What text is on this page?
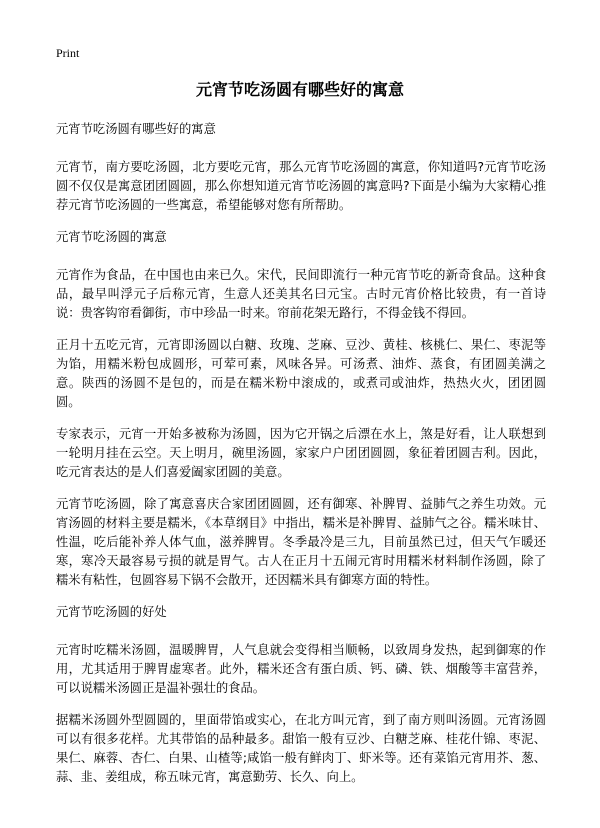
Print
元宵节吃汤圆有哪些好的寓意

元宵节吃汤圆有哪些好的寓意

元宵节，南方要吃汤圆，北方要吃元宵，那么元宵节吃汤圆的寓意，你知道吗?元宵节吃汤圆不仅仅是寓意团团圆圆，那么你想知道元宵节吃汤圆的寓意吗?下面是小编为大家精心推荐元宵节吃汤圆的一些寓意，希望能够对您有所帮助。

元宵节吃汤圆的寓意

元宵作为食品，在中国也由来已久。宋代，民间即流行一种元宵节吃的新奇食品。这种食品，最早叫浮元子后称元宵，生意人还美其名曰元宝。古时元宵价格比较贵，有一首诗说：贵客钩帘看御街，市中珍品一时来。帘前花架无路行，不得金钱不得回。

正月十五吃元宵，元宵即汤圆以白糖、玫瑰、芝麻、豆沙、黄桂、核桃仁、果仁、枣泥等为馅，用糯米粉包成圆形，可荤可素，风味各异。可汤煮、油炸、蒸食，有团圆美满之意。陕西的汤圆不是包的，而是在糯米粉中滚成的，或煮司或油炸，热热火火，团团圆圆。

专家表示，元宵一开始多被称为汤圆，因为它开锅之后漂在水上，煞是好看，让人联想到一轮明月挂在云空。天上明月，碗里汤圆，家家户户团团圆圆，象征着团圆吉利。因此，吃元宵表达的是人们喜爱阖家团圆的美意。

元宵节吃汤圆，除了寓意喜庆合家团团圆圆，还有御寒、补脾胃、益肺气之养生功效。元宵汤圆的材料主要是糯米，《本草纲目》中指出，糯米是补脾胃、益肺气之谷。糯米味甘、性温，吃后能补养人体气血，滋养脾胃。冬季最冷是三九，目前虽然已过，但天气乍暖还寒，寒冷天最容易亏损的就是胃气。古人在正月十五闹元宵时用糯米材料制作汤圆，除了糯米有粘性，包圆容易下锅不会散开，还因糯米具有御寒方面的特性。

元宵节吃汤圆的好处

元宵时吃糯米汤圆，温暖脾胃，人气息就会变得相当顺畅，以致周身发热，起到御寒的作用，尤其适用于脾胃虚寒者。此外，糯米还含有蛋白质、钙、磷、铁、烟酸等丰富营养，可以说糯米汤圆正是温补强壮的食品。

据糯米汤圆外型圆圆的，里面带馅或实心，在北方叫元宵，到了南方则叫汤圆。元宵汤圆可以有很多花样。尤其带馅的品种最多。甜馅一般有豆沙、白糖芝麻、桂花什锦、枣泥、果仁、麻蓉、杏仁、白果、山楂等;咸馅一般有鲜肉丁、虾米等。还有菜馅元宵用芥、葱、蒜、韭、姜组成，称五味元宵，寓意勤劳、长久、向上。
